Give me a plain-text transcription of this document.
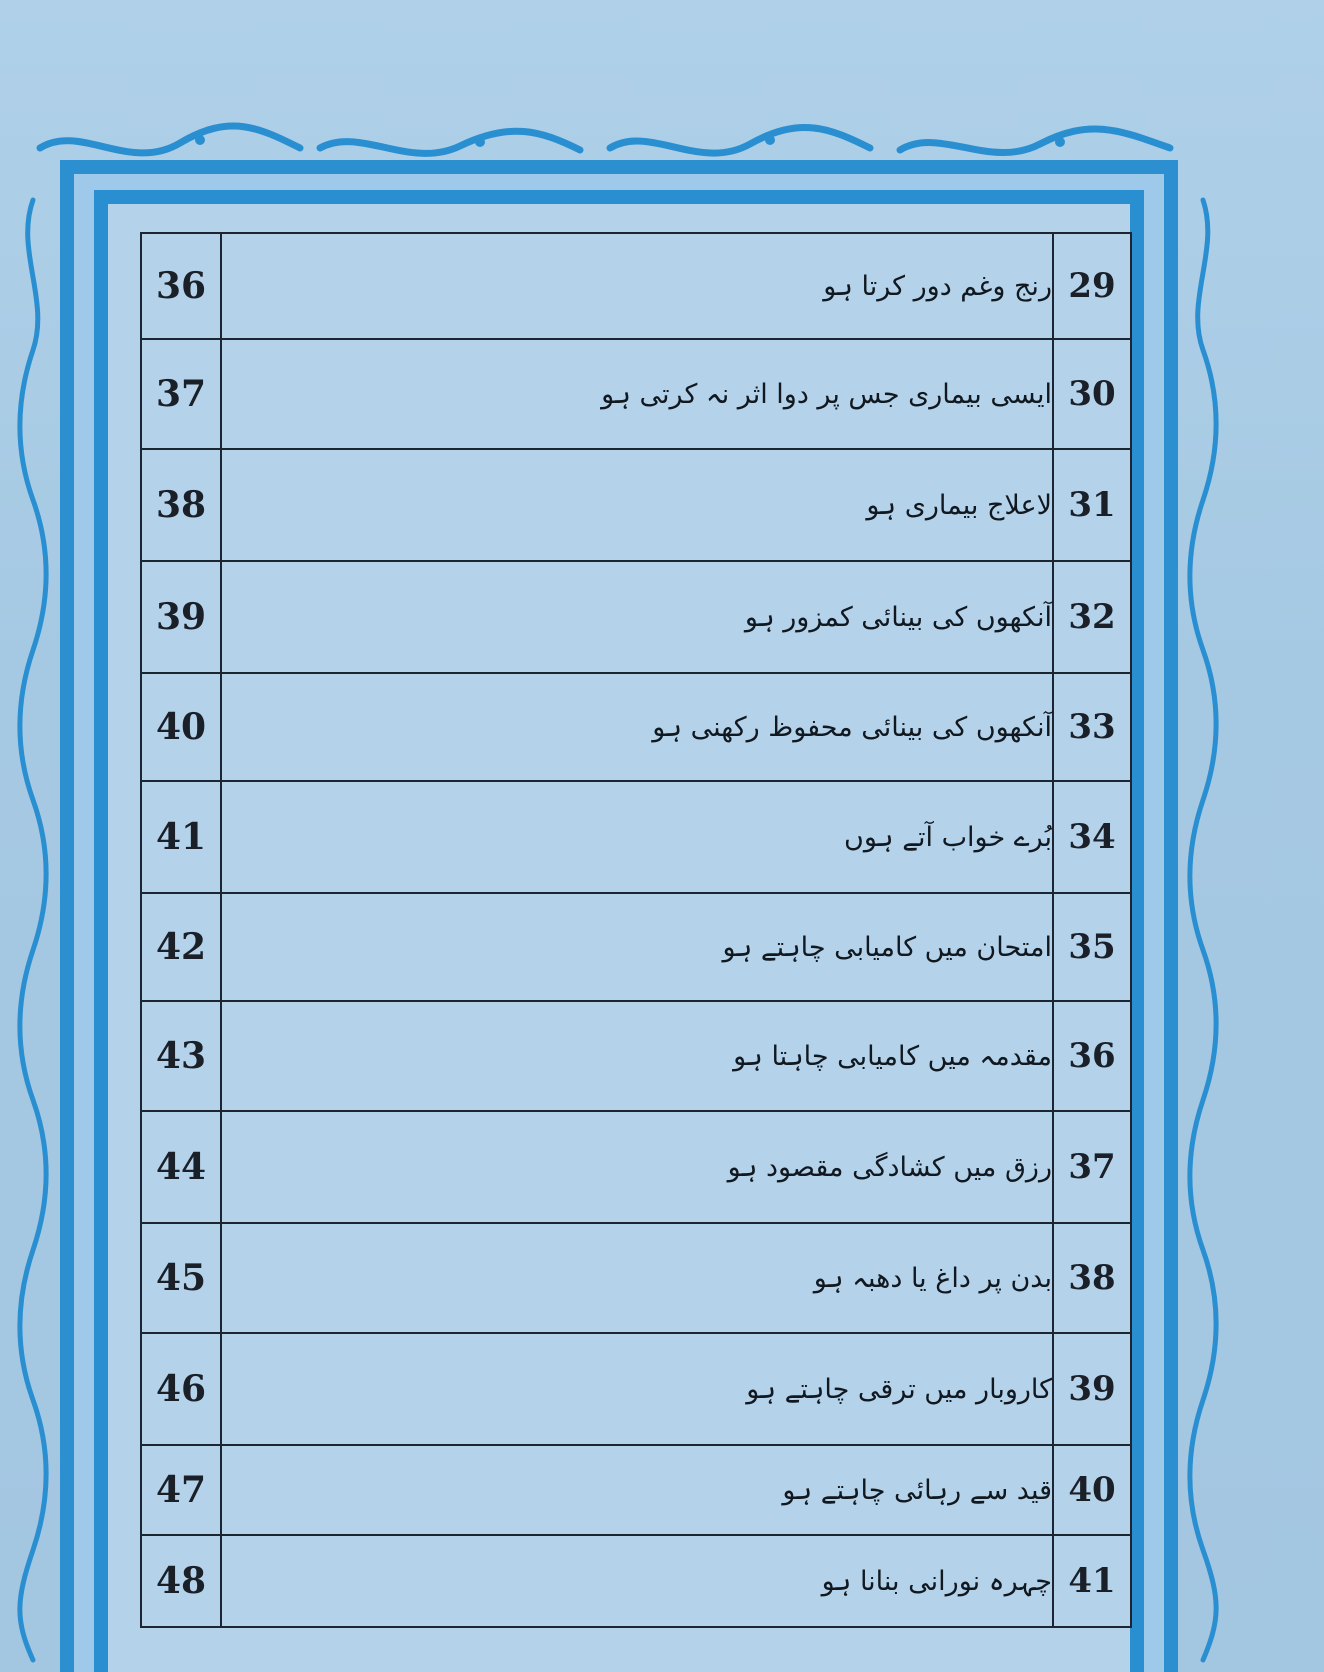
36	رنج وغم دور کرتا ہو	29
37	ایسی بیماری جس پر دوا اثر نہ کرتی ہو	30
38	لاعلاج بیماری ہو	31
39	آنکھوں کی بینائی کمزور ہو	32
40	آنکھوں کی بینائی محفوظ رکھنی ہو	33
41	بُرے خواب آتے ہوں	34
42	امتحان میں کامیابی چاہتے ہو	35
43	مقدمہ میں کامیابی چاہتا ہو	36
44	رزق میں کشادگی مقصود ہو	37
45	بدن پر داغ یا دھبہ ہو	38
46	کاروبار میں ترقی چاہتے ہو	39
47	قید سے رہائی چاہتے ہو	40
48	چہرہ نورانی بنانا ہو	41
